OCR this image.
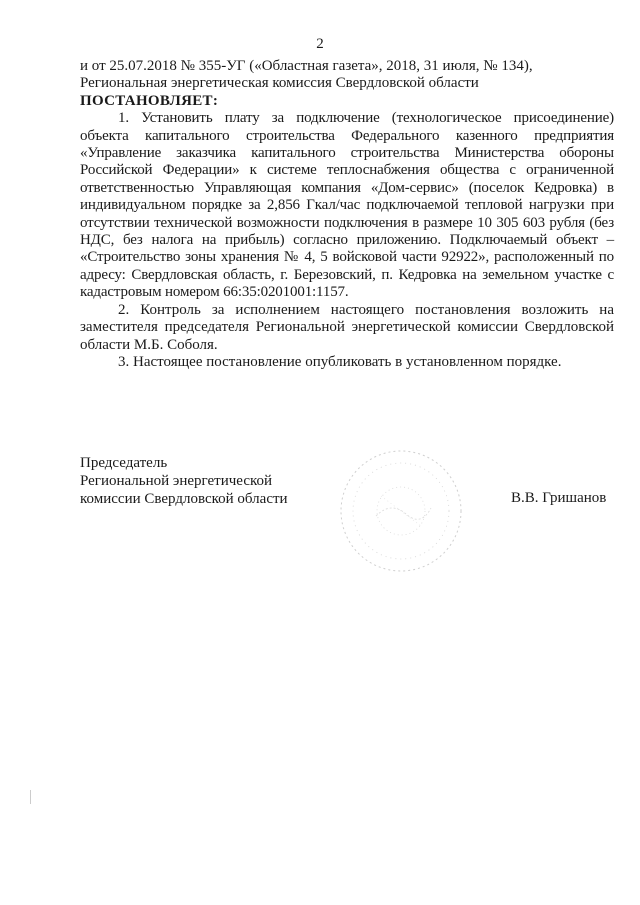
2

и от 25.07.2018 № 355-УГ («Областная газета», 2018, 31 июля, № 134),

Региональная энергетическая комиссия Свердловской области

ПОСТАНОВЛЯЕТ:

1. Установить плату за подключение (технологическое присоединение) объекта капитального строительства Федерального казенного предприятия «Управление заказчика капитального строительства Министерства обороны Российской Федерации» к системе теплоснабжения общества с ограниченной ответственностью Управляющая компания «Дом-сервис» (поселок Кедровка) в индивидуальном порядке за 2,856 Гкал/час подключаемой тепловой нагрузки при отсутствии технической возможности подключения в размере 10 305 603 рубля (без НДС, без налога на прибыль) согласно приложению. Подключаемый объект – «Строительство зоны хранения № 4, 5 войсковой части 92922», расположенный по адресу: Свердловская область, г. Березовский, п. Кедровка на земельном участке с кадастровым номером 66:35:0201001:1157.

2. Контроль за исполнением настоящего постановления возложить на заместителя председателя Региональной энергетической комиссии Свердловской области М.Б. Соболя.

3. Настоящее постановление опубликовать в установленном порядке.

Председатель
Региональной энергетической
комиссии Свердловской области	В.В. Гришанов
